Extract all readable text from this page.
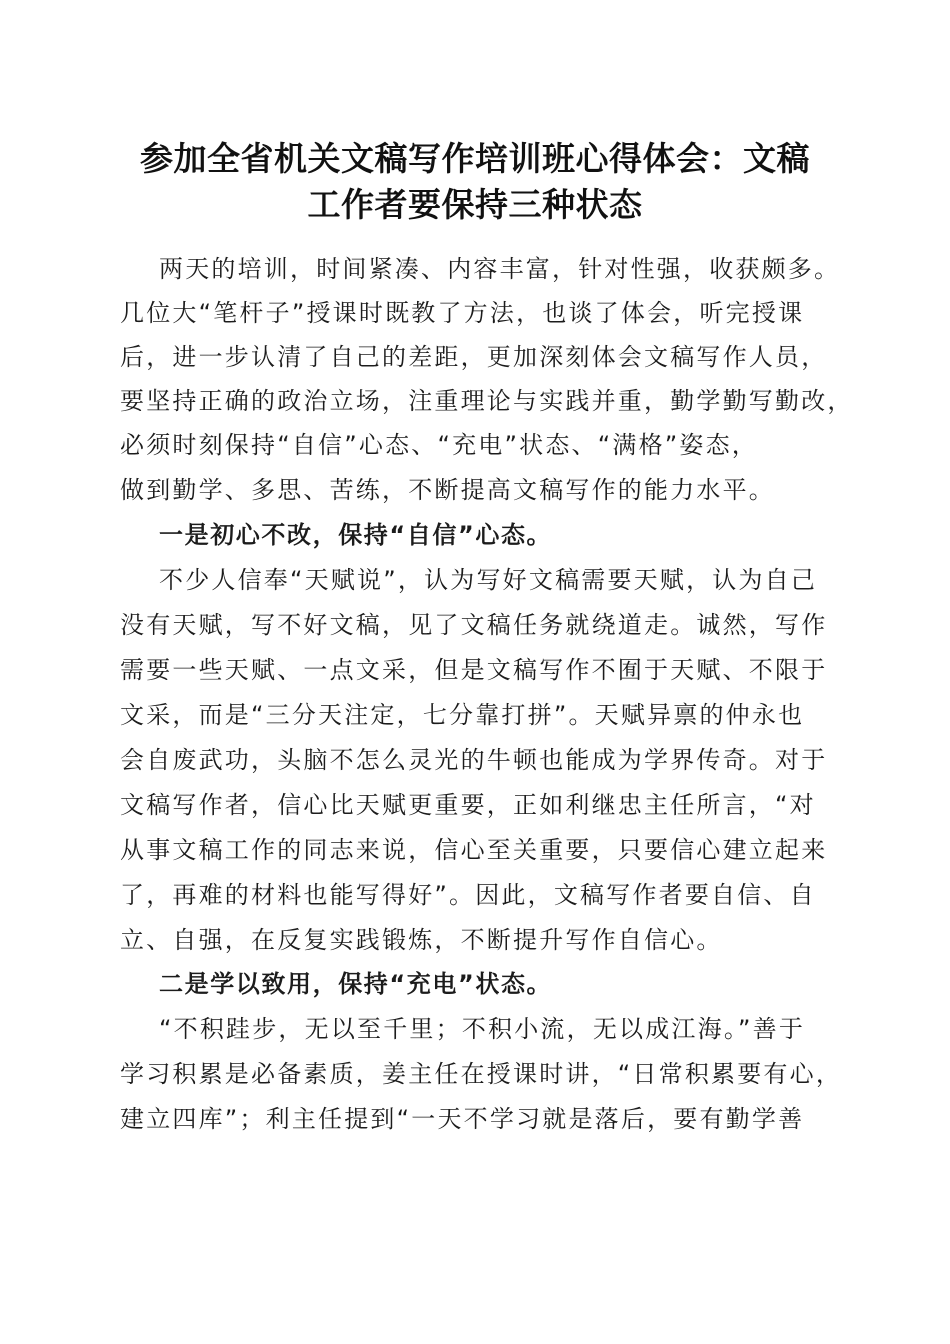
参加全省机关文稿写作培训班心得体会：文稿
工作者要保持三种状态
两天的培训，时间紧凑、内容丰富，针对性强，收获颇多。
几位大“笔杆子”授课时既教了方法，也谈了体会，听完授课
后，进一步认清了自己的差距，更加深刻体会文稿写作人员，
要坚持正确的政治立场，注重理论与实践并重，勤学勤写勤改，
必须时刻保持“自信”心态、“充电”状态、“满格”姿态，
做到勤学、多思、苦练，不断提高文稿写作的能力水平。
一是初心不改，保持“自信”心态。
不少人信奉“天赋说”，认为写好文稿需要天赋，认为自己
没有天赋，写不好文稿，见了文稿任务就绕道走。诚然，写作
需要一些天赋、一点文采，但是文稿写作不囿于天赋、不限于
文采，而是“三分天注定，七分靠打拼”。天赋异禀的仲永也
会自废武功，头脑不怎么灵光的牛顿也能成为学界传奇。对于
文稿写作者，信心比天赋更重要，正如利继忠主任所言，“对
从事文稿工作的同志来说，信心至关重要，只要信心建立起来
了，再难的材料也能写得好”。因此，文稿写作者要自信、自
立、自强，在反复实践锻炼，不断提升写作自信心。
二是学以致用，保持“充电”状态。
“不积跬步，无以至千里；不积小流，无以成江海。”善于
学习积累是必备素质，姜主任在授课时讲，“日常积累要有心，
建立四库”；利主任提到“一天不学习就是落后，要有勤学善
